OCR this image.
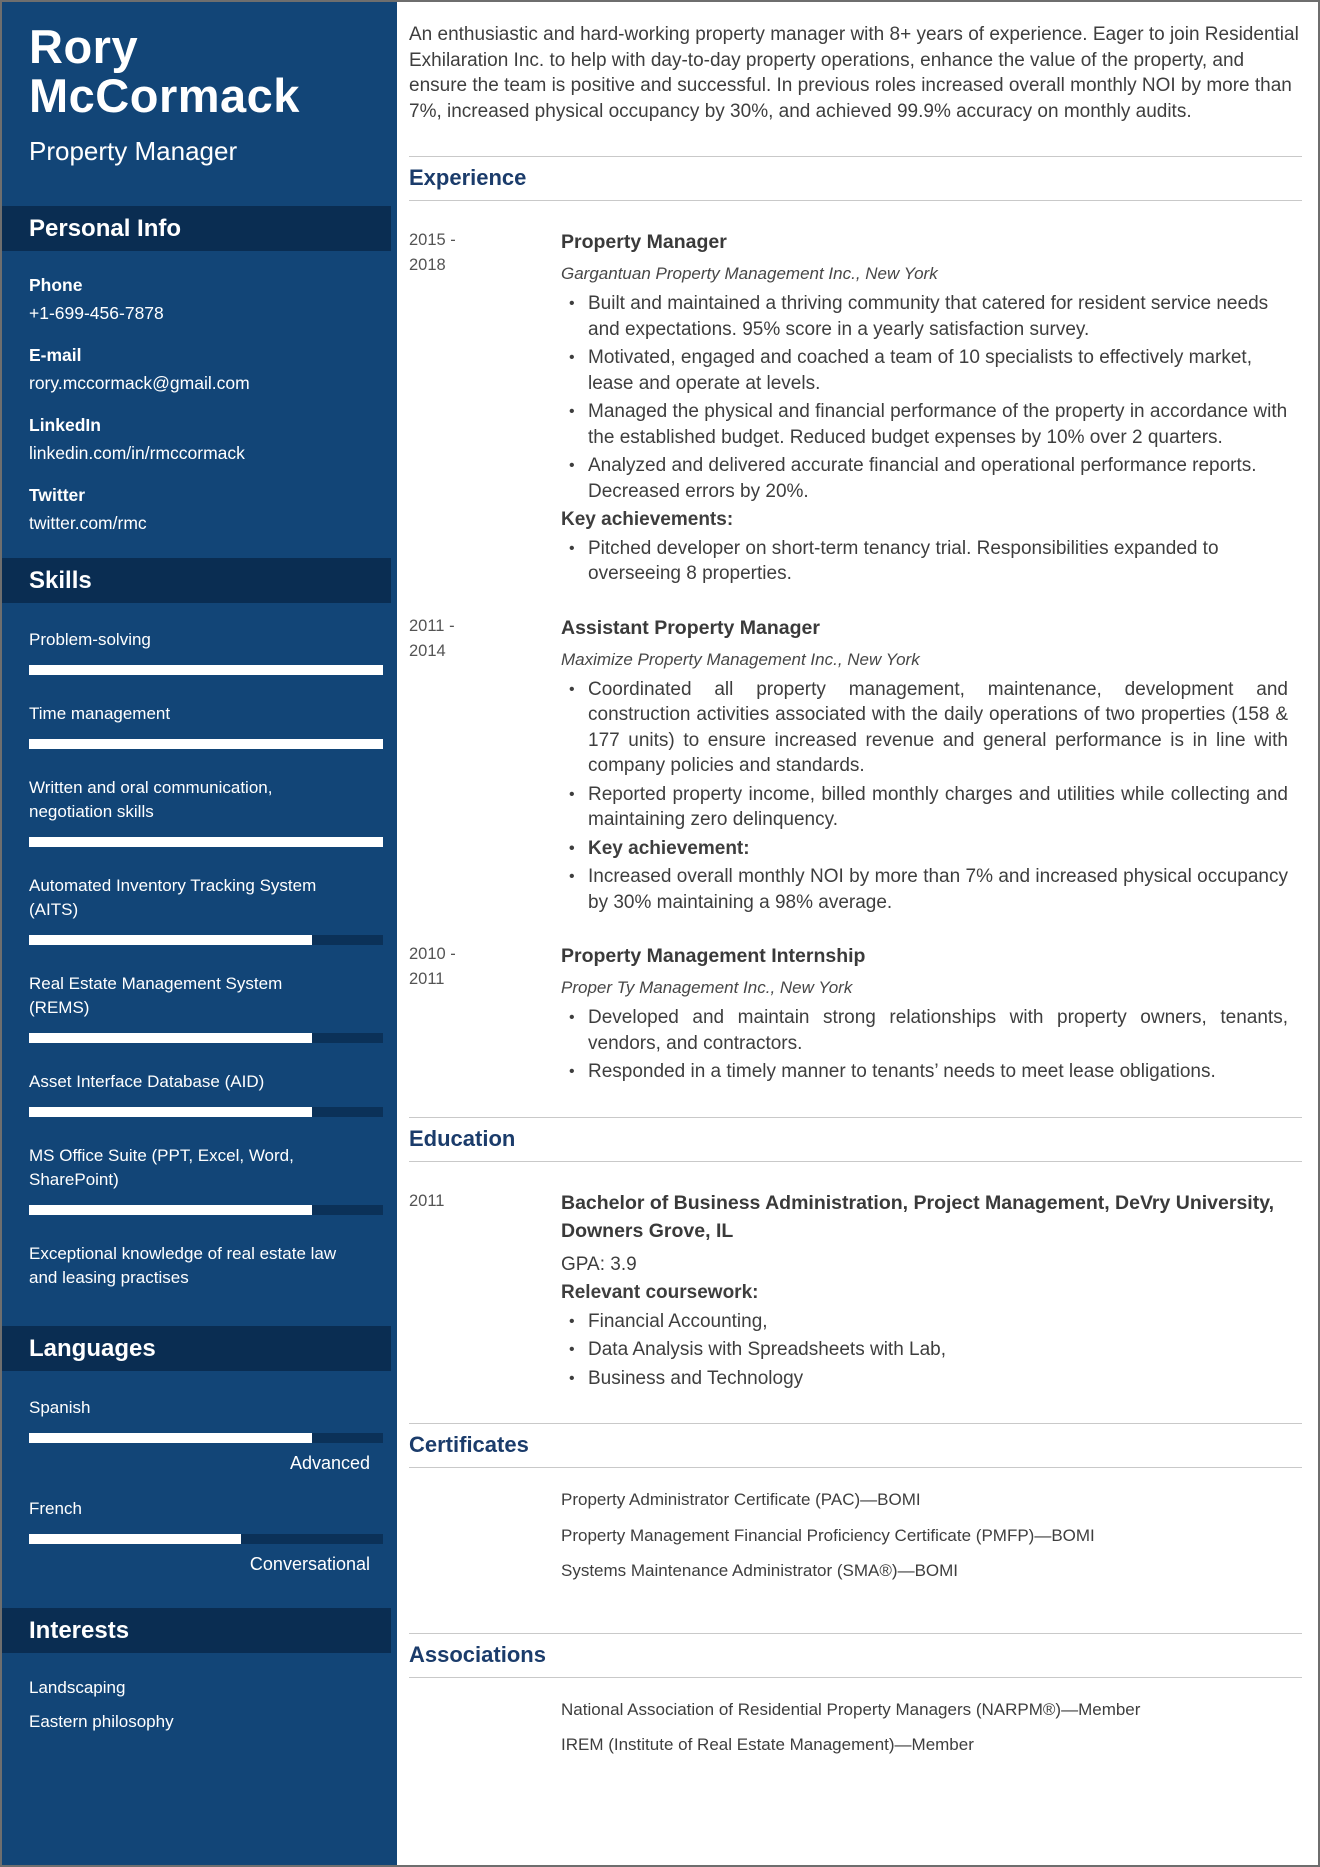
Rory
McCormack
Property Manager
Personal Info
Phone
+1-699-456-7878
E-mail
rory.mccormack@gmail.com
LinkedIn
linkedin.com/in/rmccormack
Twitter
twitter.com/rmc
Skills
Problem-solving
Time management
Written and oral communication, negotiation skills
Automated Inventory Tracking System (AITS)
Real Estate Management System (REMS)
Asset Interface Database (AID)
MS Office Suite (PPT, Excel, Word, SharePoint)
Exceptional knowledge of real estate law and leasing practises
Languages
Spanish
Advanced
French
Conversational
Interests
Landscaping
Eastern philosophy

An enthusiastic and hard-working property manager with 8+ years of experience. Eager to join Residential Exhilaration Inc. to help with day-to-day property operations, enhance the value of the property, and ensure the team is positive and successful. In previous roles increased overall monthly NOI by more than 7%, increased physical occupancy by 30%, and achieved 99.9% accuracy on monthly audits.

Experience
2015 -
2018
Property Manager
Gargantuan Property Management Inc., New York
• Built and maintained a thriving community that catered for resident service needs and expectations. 95% score in a yearly satisfaction survey.
• Motivated, engaged and coached a team of 10 specialists to effectively market, lease and operate at levels.
• Managed the physical and financial performance of the property in accordance with the established budget. Reduced budget expenses by 10% over 2 quarters.
• Analyzed and delivered accurate financial and operational performance reports. Decreased errors by 20%.
Key achievements:
• Pitched developer on short-term tenancy trial. Responsibilities expanded to overseeing 8 properties.
2011 -
2014
Assistant Property Manager
Maximize Property Management Inc., New York
• Coordinated all property management, maintenance, development and construction activities associated with the daily operations of two properties (158 & 177 units) to ensure increased revenue and general performance is in line with company policies and standards.
• Reported property income, billed monthly charges and utilities while collecting and maintaining zero delinquency.
• Key achievement:
• Increased overall monthly NOI by more than 7% and increased physical occupancy by 30% maintaining a 98% average.
2010 -
2011
Property Management Internship
Proper Ty Management Inc., New York
• Developed and maintain strong relationships with property owners, tenants, vendors, and contractors.
• Responded in a timely manner to tenants’ needs to meet lease obligations.
Education
2011	Bachelor of Business Administration, Project Management, DeVry University, Downers Grove, IL
GPA: 3.9
Relevant coursework:
• Financial Accounting,
• Data Analysis with Spreadsheets with Lab,
• Business and Technology
Certificates
Property Administrator Certificate (PAC)—BOMI
Property Management Financial Proficiency Certificate (PMFP)—BOMI
Systems Maintenance Administrator (SMA®)—BOMI
Associations
National Association of Residential Property Managers (NARPM®)—Member
IREM (Institute of Real Estate Management)—Member
